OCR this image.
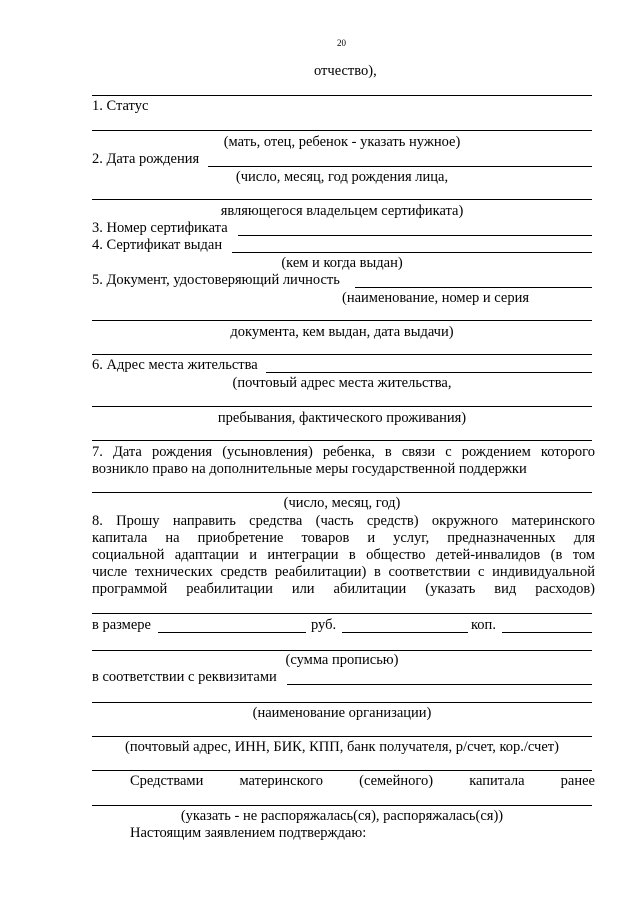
20
отчество),
1. Статус
(мать, отец, ребенок - указать нужное)
2. Дата рождения
(число, месяц, год рождения лица,
являющегося владельцем сертификата)
3. Номер сертификата
4. Сертификат выдан
(кем и когда выдан)
5. Документ, удостоверяющий личность
(наименование, номер и серия
документа, кем выдан, дата выдачи)
6. Адрес места жительства
(почтовый адрес места жительства,
пребывания, фактического проживания)
7. Дата рождения (усыновления) ребенка, в связи с рождением которого
возникло право на дополнительные меры государственной поддержки
(число, месяц, год)
8. Прошу направить средства (часть средств) окружного материнского
капитала на приобретение товаров и услуг, предназначенных для
социальной адаптации и интеграции в общество детей-инвалидов (в том
числе технических средств реабилитации) в соответствии с индивидуальной
программой реабилитации или абилитации (указать вид расходов)
в размере	руб.	коп.
(сумма прописью)
в соответствии с реквизитами
(наименование организации)
(почтовый адрес, ИНН, БИК, КПП, банк получателя, р/счет, кор./счет)
Средствами материнского (семейного) капитала ранее
(указать - не распоряжалась(ся), распоряжалась(ся))
Настоящим заявлением подтверждаю:
